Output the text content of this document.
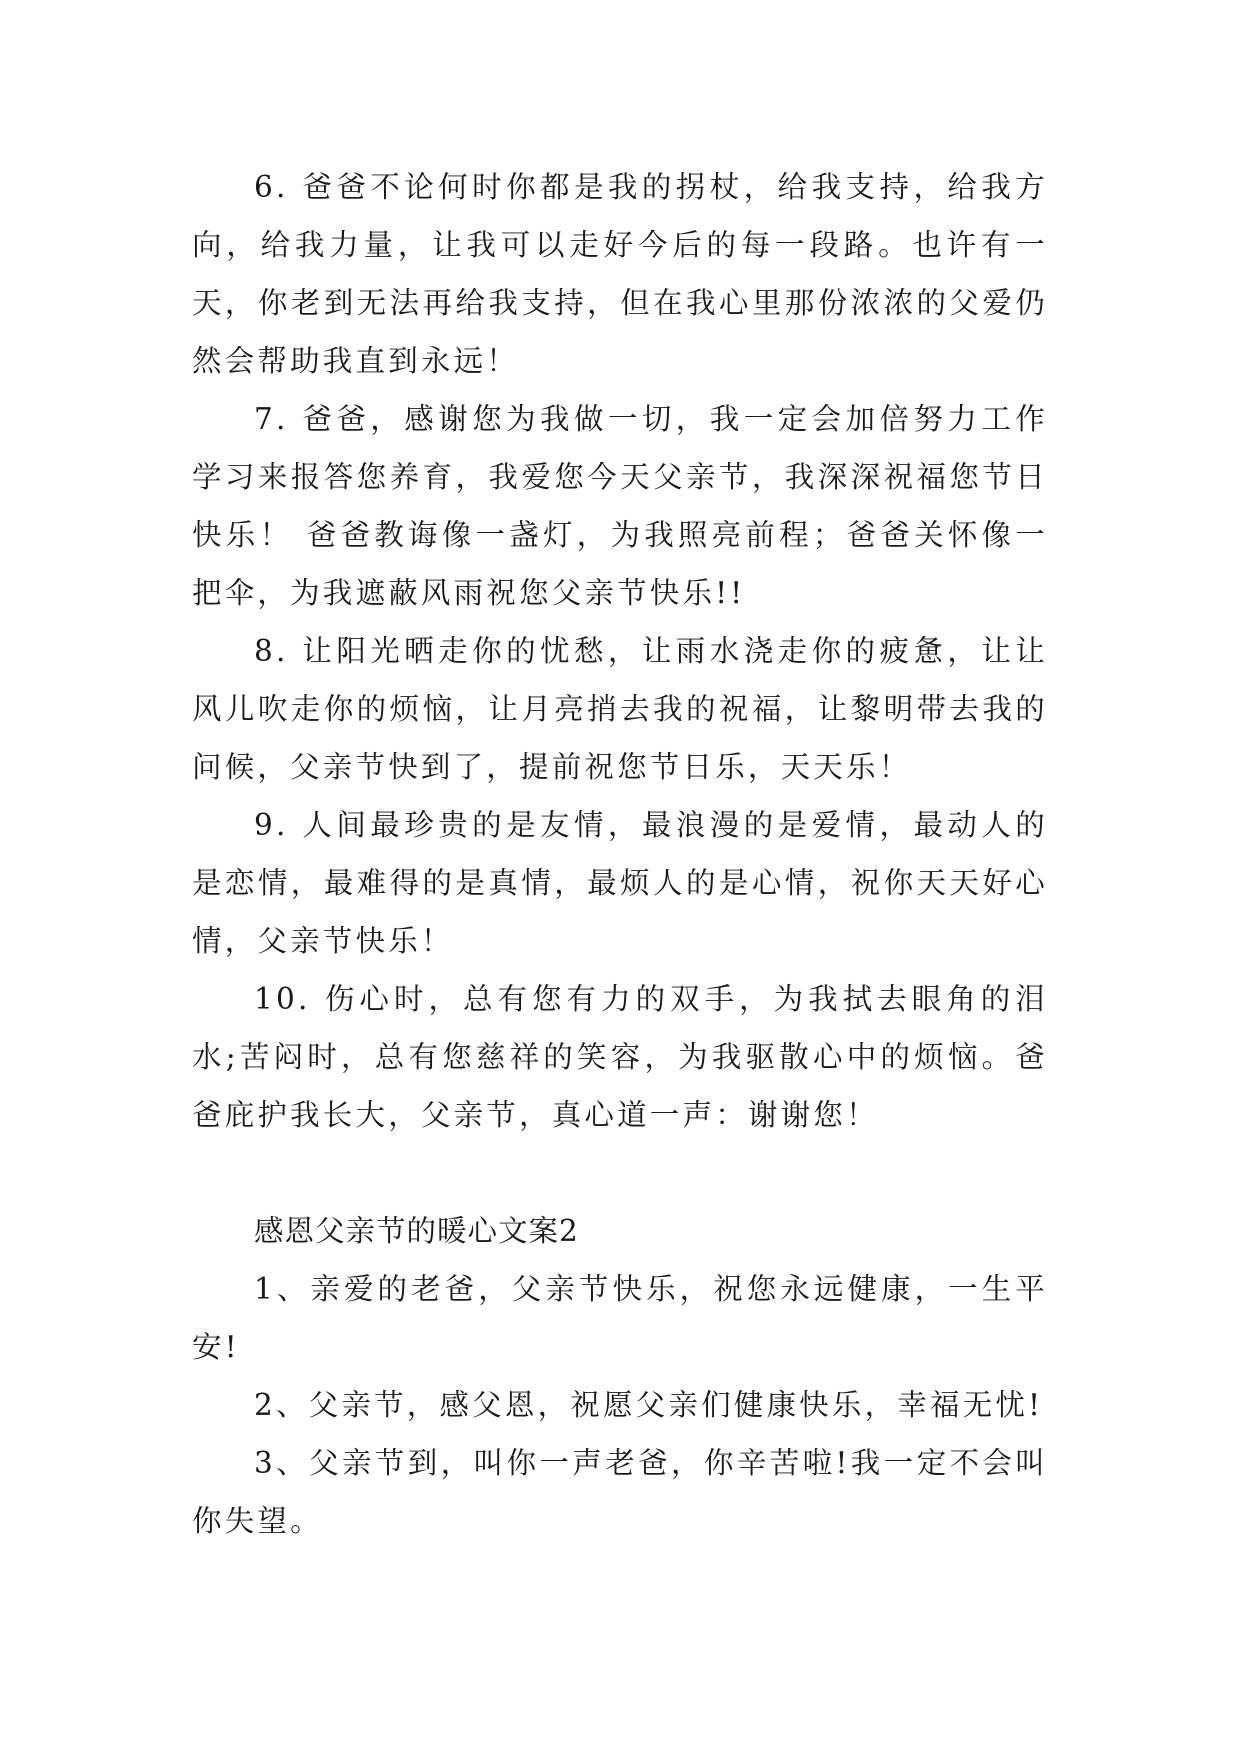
6. 爸爸不论何时你都是我的拐杖，给我支持，给我方向，给我力量，让我可以走好今后的每一段路。也许有一天，你老到无法再给我支持，但在我心里那份浓浓的父爱仍然会帮助我直到永远！

7. 爸爸，感谢您为我做一切，我一定会加倍努力工作学习来报答您养育，我爱您今天父亲节，我深深祝福您节日快乐！ 爸爸教诲像一盏灯，为我照亮前程；爸爸关怀像一把伞，为我遮蔽风雨祝您父亲节快乐!!

8. 让阳光晒走你的忧愁，让雨水浇走你的疲惫，让让风儿吹走你的烦恼，让月亮捎去我的祝福，让黎明带去我的问候，父亲节快到了，提前祝您节日乐，天天乐！

9. 人间最珍贵的是友情，最浪漫的是爱情，最动人的是恋情，最难得的是真情，最烦人的是心情，祝你天天好心情，父亲节快乐！

10. 伤心时，总有您有力的双手，为我拭去眼角的泪水;苦闷时，总有您慈祥的笑容，为我驱散心中的烦恼。爸爸庇护我长大，父亲节，真心道一声：谢谢您！

感恩父亲节的暖心文案2

1、亲爱的老爸，父亲节快乐，祝您永远健康，一生平安!

2、父亲节，感父恩，祝愿父亲们健康快乐，幸福无忧!

3、父亲节到，叫你一声老爸，你辛苦啦!我一定不会叫你失望。
